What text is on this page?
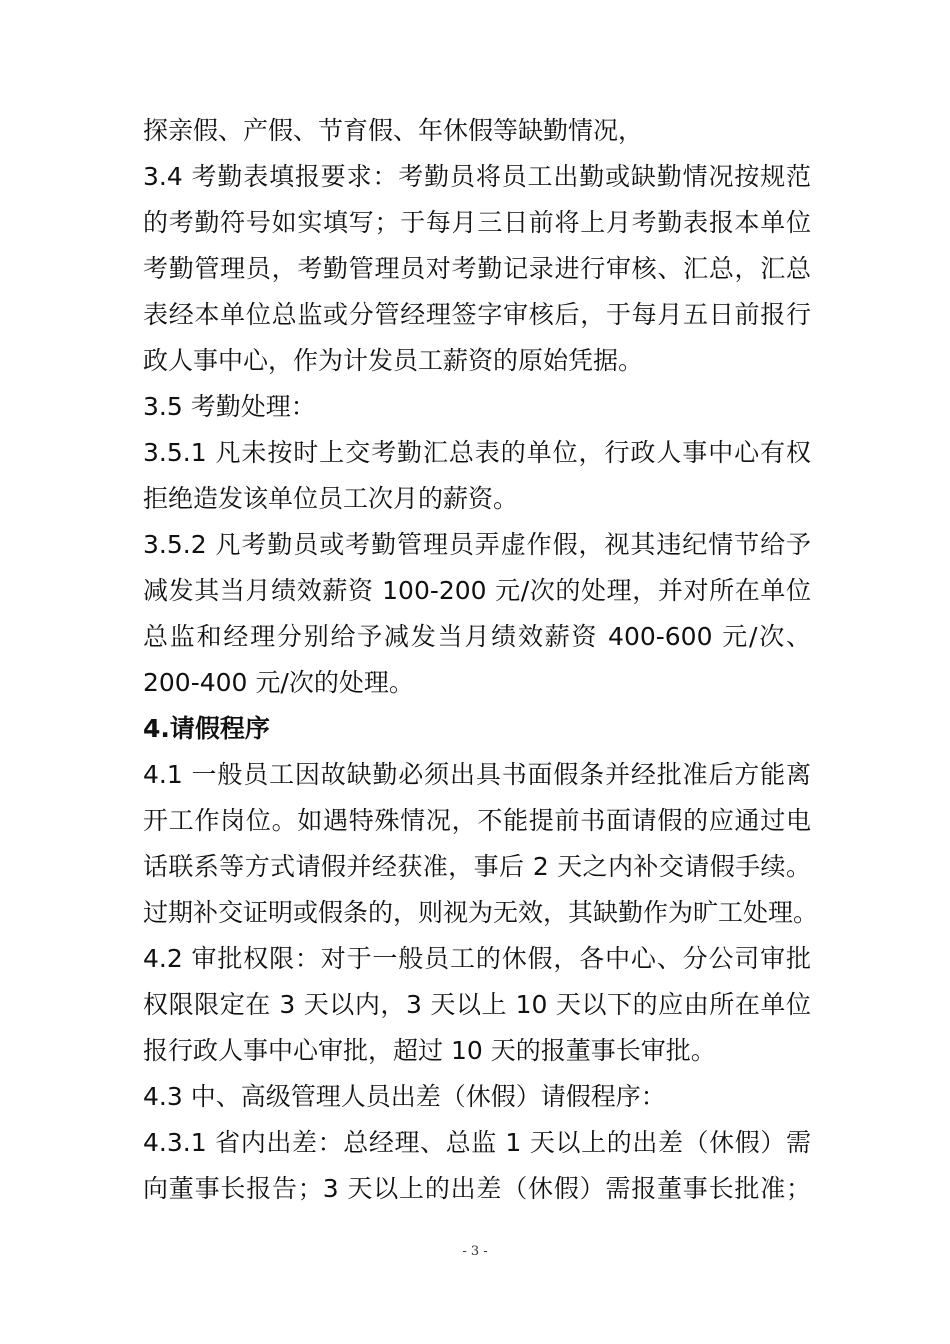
探亲假、产假、节育假、年休假等缺勤情况，
3.4 考勤表填报要求：考勤员将员工出勤或缺勤情况按规范
的考勤符号如实填写；于每月三日前将上月考勤表报本单位
考勤管理员，考勤管理员对考勤记录进行审核、汇总，汇总
表经本单位总监或分管经理签字审核后，于每月五日前报行
政人事中心，作为计发员工薪资的原始凭据。
3.5 考勤处理：
3.5.1 凡未按时上交考勤汇总表的单位，行政人事中心有权
拒绝造发该单位员工次月的薪资。
3.5.2 凡考勤员或考勤管理员弄虚作假，视其违纪情节给予
减发其当月绩效薪资 100-200 元/次的处理，并对所在单位
总监和经理分别给予减发当月绩效薪资 400-600 元/次、
200-400 元/次的处理。
4.请假程序
4.1 一般员工因故缺勤必须出具书面假条并经批准后方能离
开工作岗位。如遇特殊情况，不能提前书面请假的应通过电
话联系等方式请假并经获准，事后 2 天之内补交请假手续。
过期补交证明或假条的，则视为无效，其缺勤作为旷工处理。
4.2 审批权限：对于一般员工的休假，各中心、分公司审批
权限限定在 3 天以内，3 天以上 10 天以下的应由所在单位
报行政人事中心审批，超过 10 天的报董事长审批。
4.3 中、高级管理人员出差（休假）请假程序：
4.3.1 省内出差：总经理、总监 1 天以上的出差（休假）需
向董事长报告；3 天以上的出差（休假）需报董事长批准；
- 3 -
